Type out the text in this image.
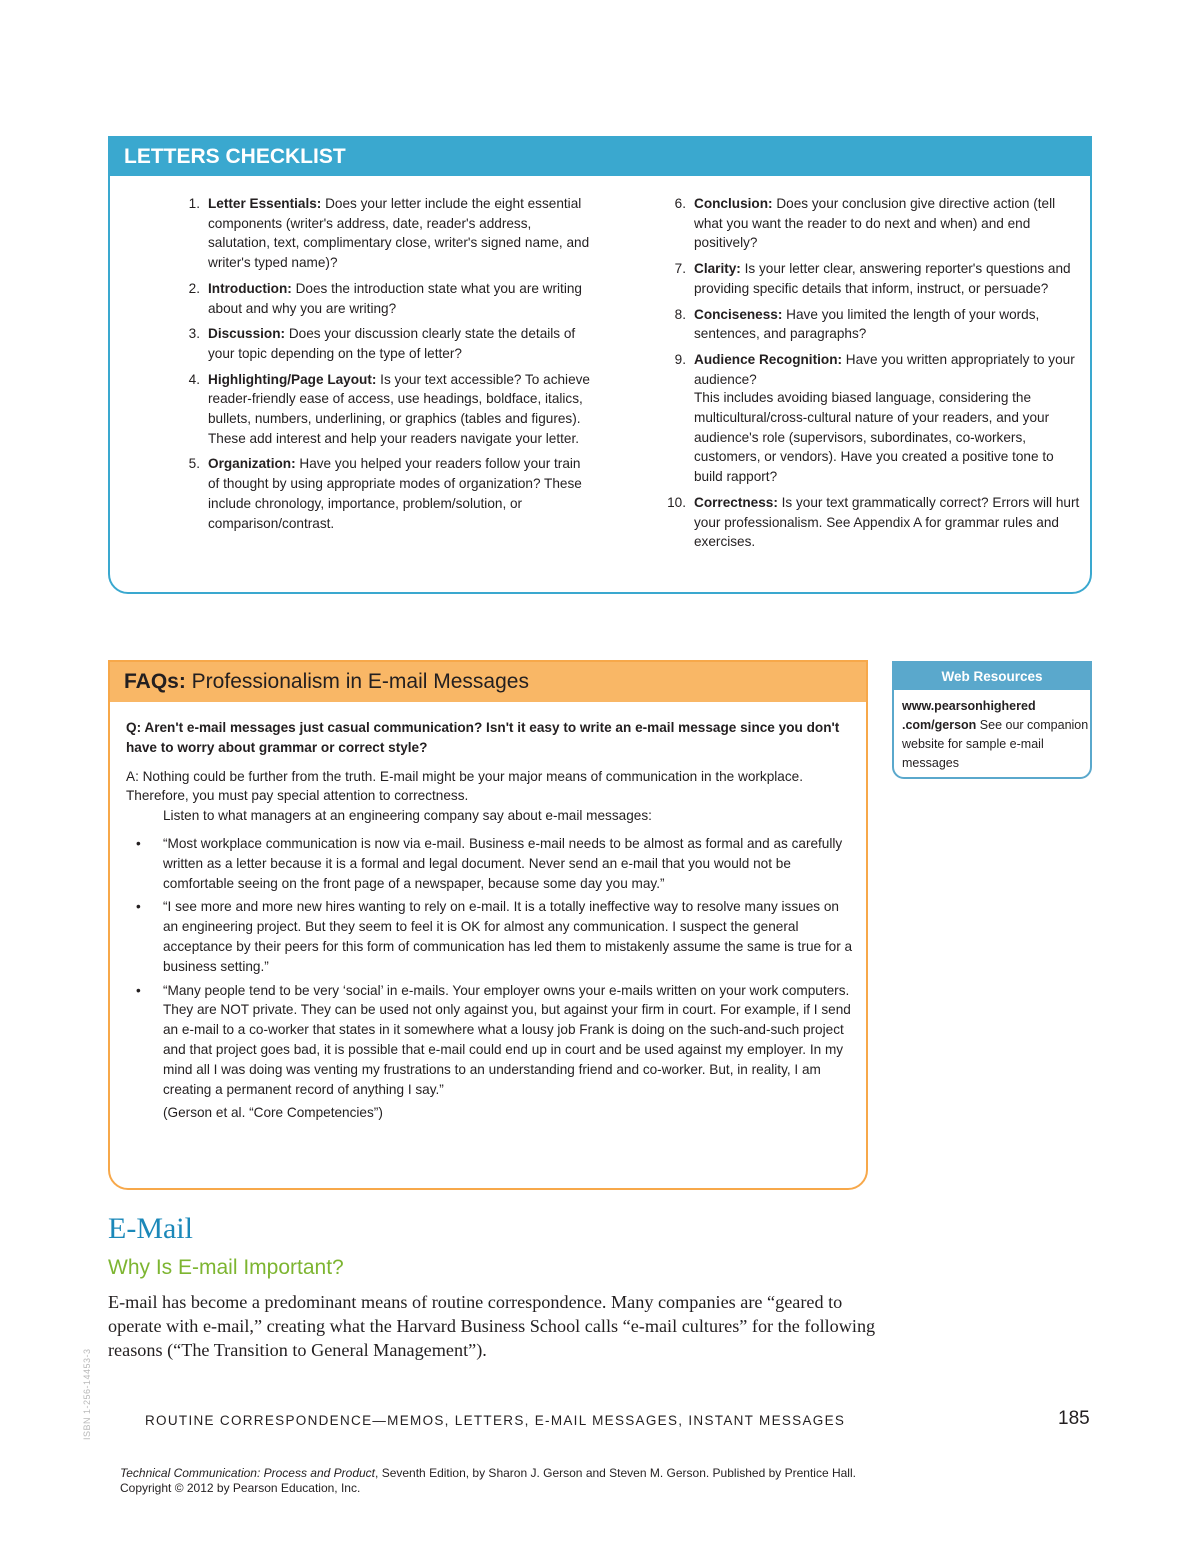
LETTERS CHECKLIST
1. Letter Essentials: Does your letter include the eight essential components (writer's address, date, reader's address, salutation, text, complimentary close, writer's signed name, and writer's typed name)?
2. Introduction: Does the introduction state what you are writing about and why you are writing?
3. Discussion: Does your discussion clearly state the details of your topic depending on the type of letter?
4. Highlighting/Page Layout: Is your text accessible? To achieve reader-friendly ease of access, use headings, boldface, italics, bullets, numbers, underlining, or graphics (tables and figures). These add interest and help your readers navigate your letter.
5. Organization: Have you helped your readers follow your train of thought by using appropriate modes of organization? These include chronology, importance, problem/solution, or comparison/contrast.
6. Conclusion: Does your conclusion give directive action (tell what you want the reader to do next and when) and end positively?
7. Clarity: Is your letter clear, answering reporter's questions and providing specific details that inform, instruct, or persuade?
8. Conciseness: Have you limited the length of your words, sentences, and paragraphs?
9. Audience Recognition: Have you written appropriately to your audience?
This includes avoiding biased language, considering the multicultural/cross-cultural nature of your readers, and your audience's role (supervisors, subordinates, co-workers, customers, or vendors). Have you created a positive tone to build rapport?
10. Correctness: Is your text grammatically correct? Errors will hurt your professionalism. See Appendix A for grammar rules and exercises.
FAQs: Professionalism in E-mail Messages
Q: Aren't e-mail messages just casual communication? Isn't it easy to write an e-mail message since you don't have to worry about grammar or correct style?
A: Nothing could be further from the truth. E-mail might be your major means of communication in the workplace. Therefore, you must pay special attention to correctness.
Listen to what managers at an engineering company say about e-mail messages:
• “Most workplace communication is now via e-mail. Business e-mail needs to be almost as formal and as carefully written as a letter because it is a formal and legal document. Never send an e-mail that you would not be comfortable seeing on the front page of a newspaper, because some day you may.”
• “I see more and more new hires wanting to rely on e-mail. It is a totally ineffective way to resolve many issues on an engineering project. But they seem to feel it is OK for almost any communication. I suspect the general acceptance by their peers for this form of communication has led them to mistakenly assume the same is true for a business setting.”
• “Many people tend to be very ‘social’ in e-mails. Your employer owns your e-mails written on your work computers. They are NOT private. They can be used not only against you, but against your firm in court. For example, if I send an e-mail to a co-worker that states in it somewhere what a lousy job Frank is doing on the such-and-such project and that project goes bad, it is possible that e-mail could end up in court and be used against my employer. In my mind all I was doing was venting my frustrations to an understanding friend and co-worker. But, in reality, I am creating a permanent record of anything I say.”
(Gerson et al. “Core Competencies”)
Web Resources
www.pearsonhighered .com/gerson See our companion website for sample e-mail messages
E-Mail
Why Is E-mail Important?
E-mail has become a predominant means of routine correspondence. Many companies are “geared to operate with e-mail,” creating what the Harvard Business School calls “e-mail cultures” for the following reasons (“The Transition to General Management”).
ISBN 1-256-14453-3	ROUTINE CORRESPONDENCE—MEMOS, LETTERS, E-MAIL MESSAGES, INSTANT MESSAGES	185
Technical Communication: Process and Product, Seventh Edition, by Sharon J. Gerson and Steven M. Gerson. Published by Prentice Hall.
Copyright © 2012 by Pearson Education, Inc.
